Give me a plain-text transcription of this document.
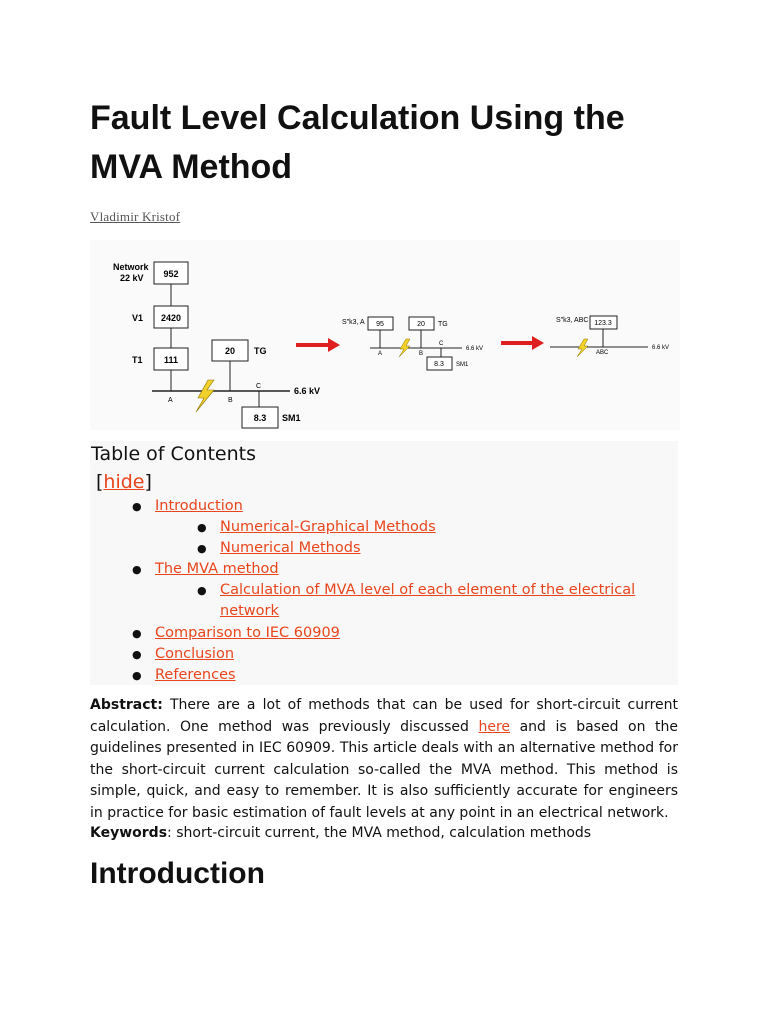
Fault Level Calculation Using the MVA Method

Vladimir Kristof

Network
22 kV 952
V1 2420
T1 111
20 TG
6.6 kV
A	B
C
8.3 SM1
S″k3, A 95	20 TG
6.6 kV
A	B
C
8.3 SM1
S″k3, ABC 123.3
6.6 kV
ABC
Table of Contents
[hide]
● Introduction
● Numerical-Graphical Methods
● Numerical Methods
● The MVA method
● Calculation of MVA level of each element of the electrical
network
● Comparison to IEC 60909
● Conclusion
● References

Abstract: There are a lot of methods that can be used for short-circuit current calculation. One method was previously discussed here and is based on the guidelines presented in IEC 60909. This article deals with an alternative method for the short-circuit current calculation so-called the MVA method. This method is simple, quick, and easy to remember. It is also sufficiently accurate for engineers in practice for basic estimation of fault levels at any point in an electrical network.

Keywords: short-circuit current, the MVA method, calculation methods

Introduction
